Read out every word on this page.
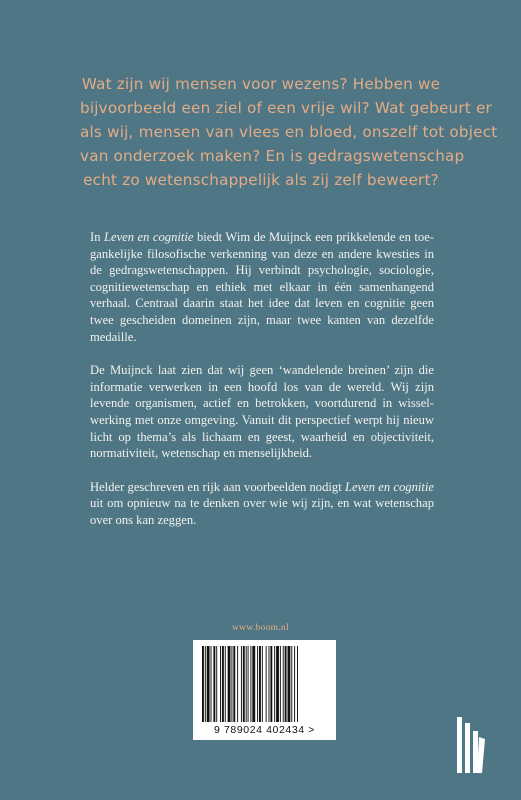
Wat zijn wij mensen voor wezens? Hebben we
bijvoorbeeld een ziel of een vrije wil? Wat gebeurt er
als wij, mensen van vlees en bloed, onszelf tot object
van onderzoek maken? En is gedragswetenschap
echt zo wetenschappelijk als zij zelf beweert?

In Leven en cognitie biedt Wim de Muijnck een prikkelende en toe-
gankelijke filosofische verkenning van deze en andere kwesties in
de gedragswetenschappen. Hij verbindt psychologie, sociologie,
cognitiewetenschap en ethiek met elkaar in één samenhangend
verhaal. Centraal daarin staat het idee dat leven en cognitie geen
twee gescheiden domeinen zijn, maar twee kanten van dezelfde
medaille.

De Muijnck laat zien dat wij geen ‘wandelende breinen’ zijn die
informatie verwerken in een hoofd los van de wereld. Wij zijn
levende organismen, actief en betrokken, voortdurend in wissel-
werking met onze omgeving. Vanuit dit perspectief werpt hij nieuw
licht op thema’s als lichaam en geest, waarheid en objectiviteit,
normativiteit, wetenschap en menselijkheid.

Helder geschreven en rijk aan voorbeelden nodigt Leven en cognitie
uit om opnieuw na te denken over wie wij zijn, en wat wetenschap
over ons kan zeggen.

www.boom.nl
9 789024 402434 >
